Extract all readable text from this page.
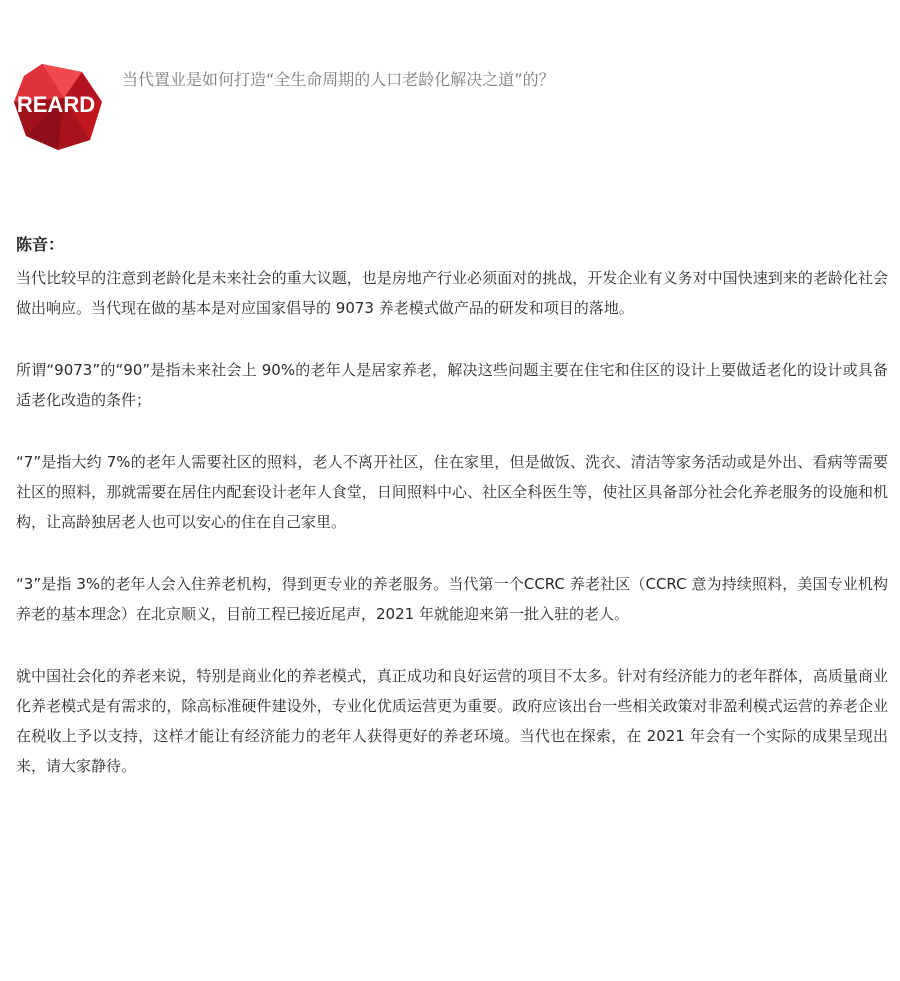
REARD
当代置业是如何打造“全生命周期的人口老龄化解决之道”的？
陈音：

当代比较早的注意到老龄化是未来社会的重大议题，也是房地产行业必须面对的挑战，开发企业有义务对中国快速到来的老龄化社会做出响应。当代现在做的基本是对应国家倡导的 9073 养老模式做产品的研发和项目的落地。

所谓“9073”的“90”是指未来社会上 90%的老年人是居家养老，解决这些问题主要在住宅和住区的设计上要做适老化的设计或具备适老化改造的条件；

“7”是指大约 7%的老年人需要社区的照料，老人不离开社区，住在家里，但是做饭、洗衣、清洁等家务活动或是外出、看病等需要社区的照料，那就需要在居住内配套设计老年人食堂，日间照料中心、社区全科医生等，使社区具备部分社会化养老服务的设施和机构，让高龄独居老人也可以安心的住在自己家里。

“3”是指 3%的老年人会入住养老机构，得到更专业的养老服务。当代第一个CCRC 养老社区（CCRC 意为持续照料，美国专业机构养老的基本理念）在北京顺义，目前工程已接近尾声，2021 年就能迎来第一批入驻的老人。

就中国社会化的养老来说，特别是商业化的养老模式，真正成功和良好运营的项目不太多。针对有经济能力的老年群体，高质量商业化养老模式是有需求的，除高标准硬件建设外，专业化优质运营更为重要。政府应该出台一些相关政策对非盈利模式运营的养老企业在税收上予以支持，这样才能让有经济能力的老年人获得更好的养老环境。当代也在探索，在 2021 年会有一个实际的成果呈现出来，请大家静待。
